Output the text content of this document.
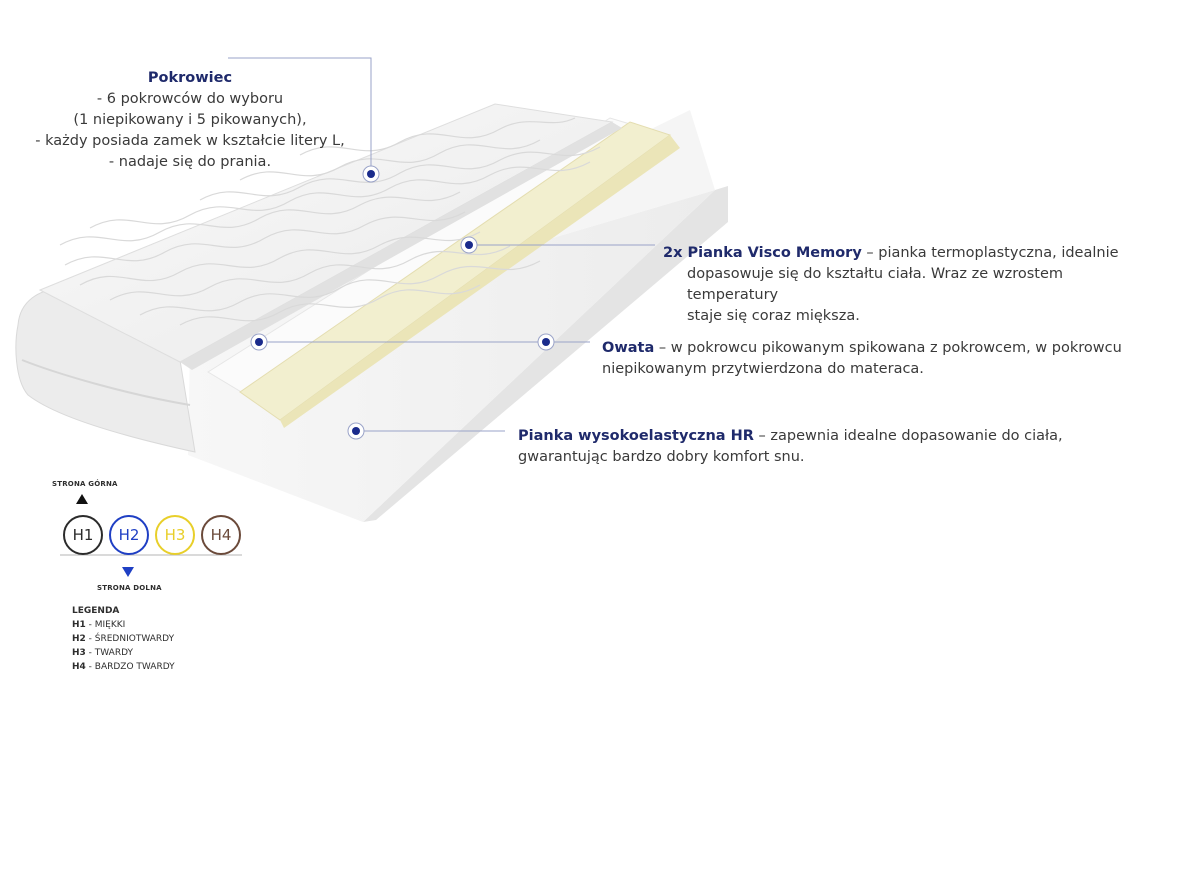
STRONA GÓRNA
STRONA DOLNA
H1	H2	H3	H4
LEGENDA
H1 - MIĘKKI
H2 - ŚREDNIOTWARDY
H3 - TWARDY
H4 - BARDZO TWARDY
Pokrowiec
- 6 pokrowców do wyboru
(1 niepikowany i 5 pikowanych),
- każdy posiada zamek w kształcie litery L,
- nadaje się do prania.
2x Pianka Visco Memory – pianka termoplastyczna, idealnie
dopasowuje się do kształtu ciała. Wraz ze wzrostem temperatury
staje się coraz miększa.
Owata – w pokrowcu pikowanym spikowana z pokrowcem, w pokrowcu
niepikowanym przytwierdzona do materaca.
Pianka wysokoelastyczna HR – zapewnia idealne dopasowanie do ciała,
gwarantując bardzo dobry komfort snu.
